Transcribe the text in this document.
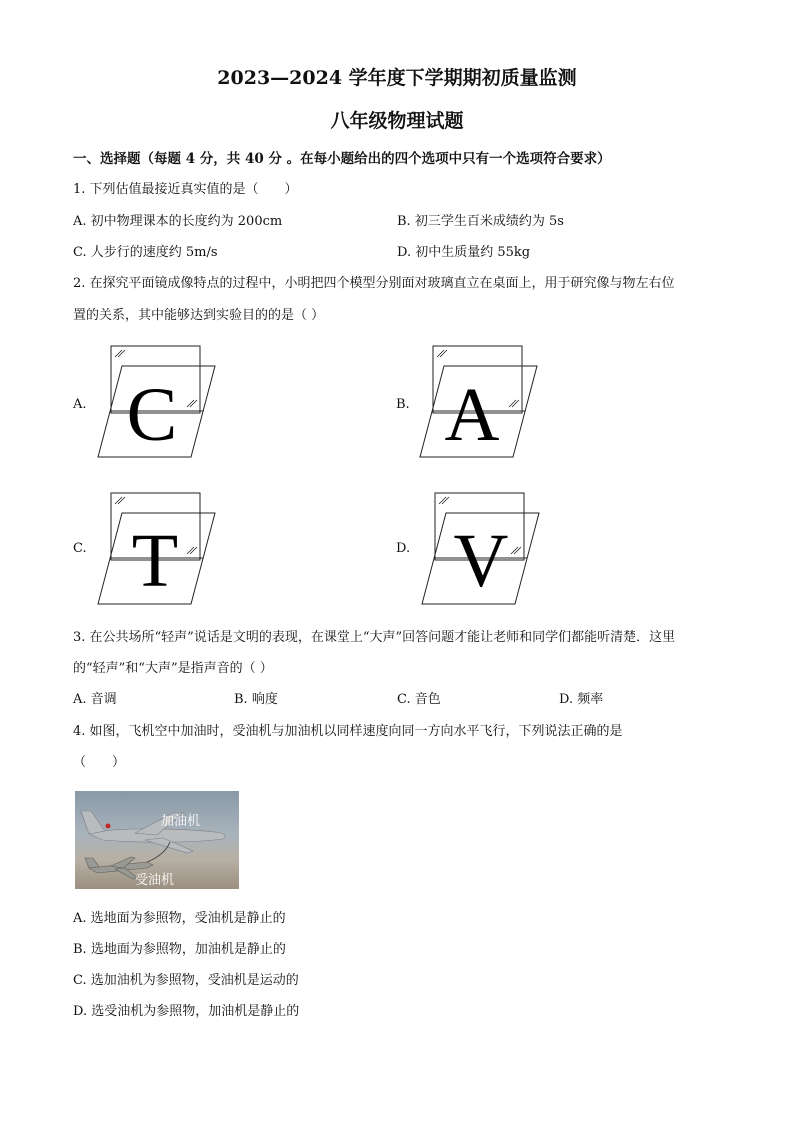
2023—2024 学年度下学期期初质量监测
八年级物理试题
一、选择题（每题 4 分，共 40 分 。在每小题给出的四个选项中只有一个选项符合要求）
1. 下列估值最接近真实值的是（　　）
A. 初中物理课本的长度约为 200cm	B. 初三学生百米成绩约为 5s
C. 人步行的速度约 5m/s	D. 初中生质量约 55kg
2. 在探究平面镜成像特点的过程中，小明把四个模型分别面对玻璃直立在桌面上，用于研究像与物左右位
置的关系，其中能够达到实验目的的是（ ）
A.	B.
C.	D.
C	A
T	V
3. 在公共场所“轻声”说话是文明的表现，在课堂上“大声”回答问题才能让老师和同学们都能听清楚．这里
的“轻声”和“大声”是指声音的（ ）
A. 音调	B. 响度	C. 音色	D. 频率
4. 如图，飞机空中加油时，受油机与加油机以同样速度向同一方向水平飞行，下列说法正确的是
（　　）
加油机
受油机
A. 选地面为参照物，受油机是静止的
B. 选地面为参照物，加油机是静止的
C. 选加油机为参照物，受油机是运动的
D. 选受油机为参照物，加油机是静止的
